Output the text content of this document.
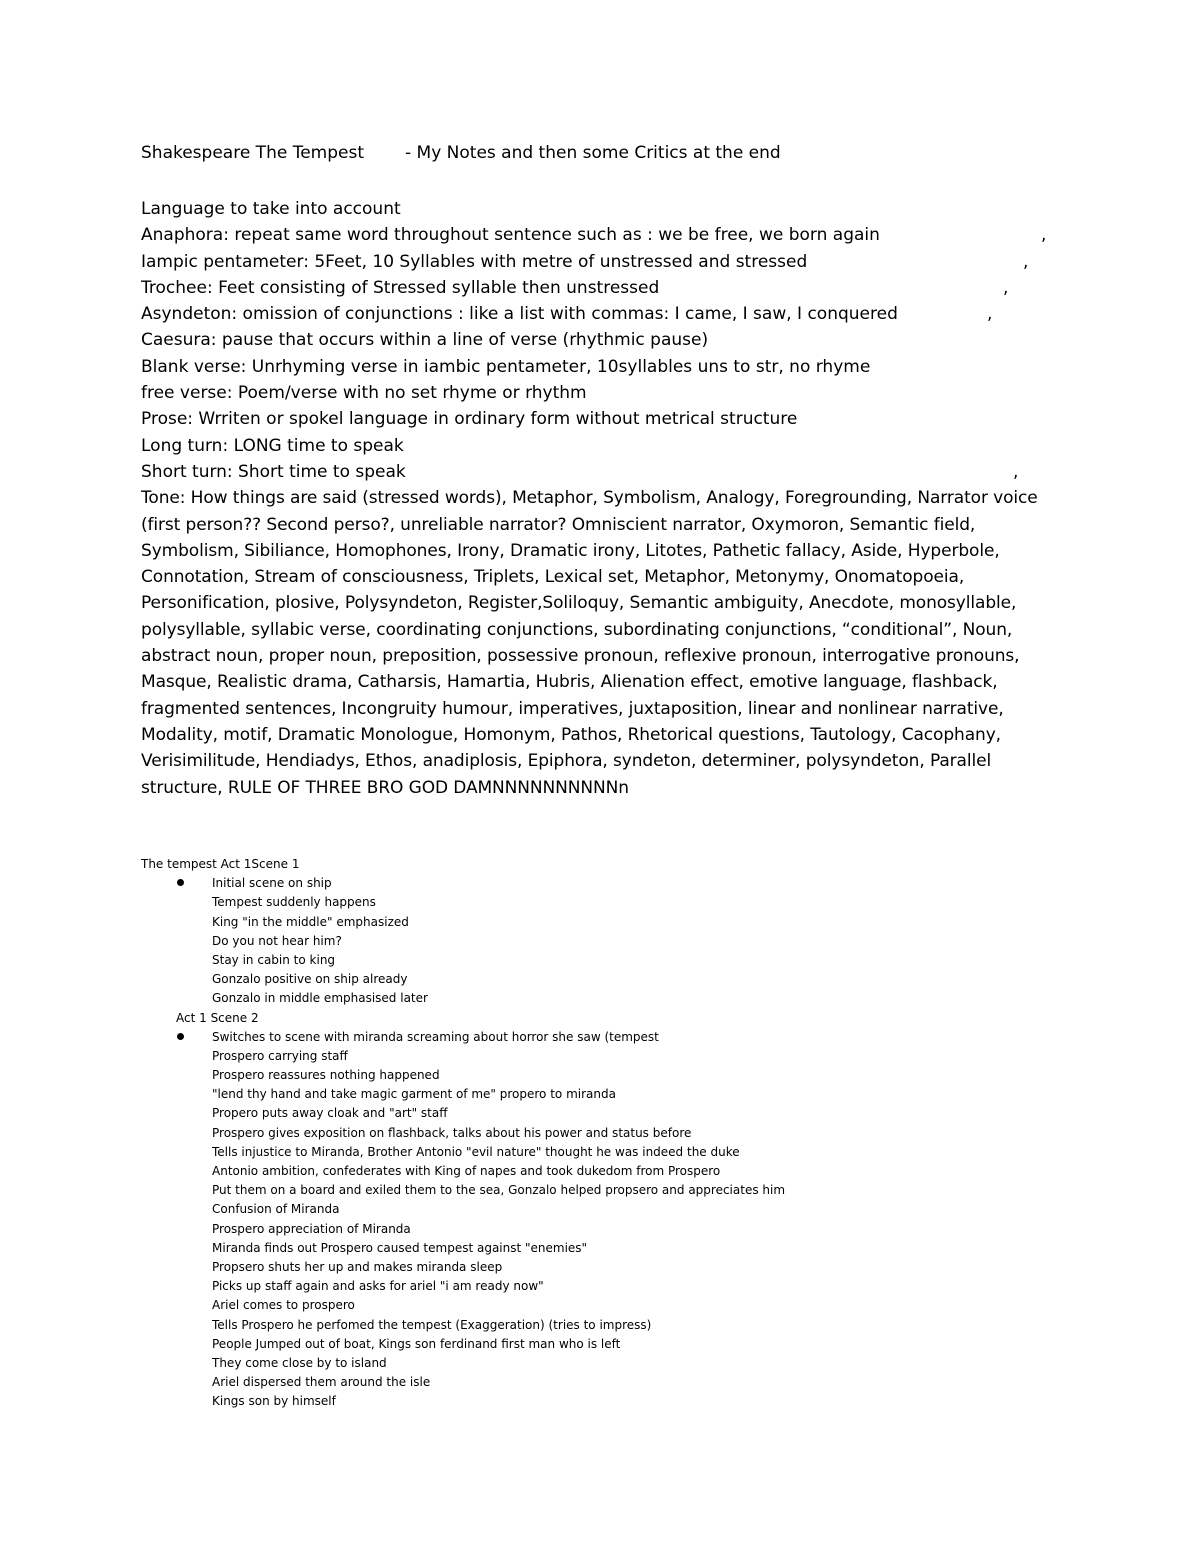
Shakespeare The Tempest - My Notes and then some Critics at the end
Language to take into account
Anaphora: repeat same word throughout sentence such as : we be free, we born again	,
Iampic pentameter: 5Feet, 10 Syllables with metre of unstressed and stressed	,
Trochee: Feet consisting of Stressed syllable then unstressed	,
Asyndeton: omission of conjunctions : like a list with commas: I came, I saw, I conquered	,
Caesura: pause that occurs within a line of verse (rhythmic pause)
Blank verse: Unrhyming verse in iambic pentameter, 10syllables uns to str, no rhyme
free verse: Poem/verse with no set rhyme or rhythm
Prose: Wrriten or spokel language in ordinary form without metrical structure
Long turn: LONG time to speak
Short turn: Short time to speak	,
Tone: How things are said (stressed words), Metaphor, Symbolism, Analogy, Foregrounding, Narrator voice (first person?? Second perso?, unreliable narrator? Omniscient narrator, Oxymoron, Semantic field, Symbolism, Sibiliance, Homophones, Irony, Dramatic irony, Litotes, Pathetic fallacy, Aside, Hyperbole, Connotation, Stream of consciousness, Triplets, Lexical set, Metaphor, Metonymy, Onomatopoeia, Personification, plosive, Polysyndeton, Register,Soliloquy, Semantic ambiguity, Anecdote, monosyllable, polysyllable, syllabic verse, coordinating conjunctions, subordinating conjunctions, “conditional”, Noun, abstract noun, proper noun, preposition, possessive pronoun, reflexive pronoun, interrogative pronouns, Masque, Realistic drama, Catharsis, Hamartia, Hubris, Alienation effect, emotive language, flashback, fragmented sentences, Incongruity humour, imperatives, juxtaposition, linear and nonlinear narrative, Modality, motif, Dramatic Monologue, Homonym, Pathos, Rhetorical questions, Tautology, Cacophany, Verisimilitude, Hendiadys, Ethos, anadiplosis, Epiphora, syndeton, determiner, polysyndeton, Parallel structure, RULE OF THREE BRO GOD DAMNNNNNNNNNNn
The tempest Act 1Scene 1
Initial scene on ship
Tempest suddenly happens
King "in the middle" emphasized
Do you not hear him?
Stay in cabin to king
Gonzalo positive on ship already
Gonzalo in middle emphasised later
Act 1 Scene 2
Switches to scene with miranda screaming about horror she saw (tempest
Prospero carrying staff
Prospero reassures nothing happened
"lend thy hand and take magic garment of me" propero to miranda
Propero puts away cloak and "art" staff
Prospero gives exposition on flashback, talks about his power and status before
Tells injustice to Miranda, Brother Antonio "evil nature" thought he was indeed the duke
Antonio ambition, confederates with King of napes and took dukedom from Prospero
Put them on a board and exiled them to the sea, Gonzalo helped propsero and appreciates him
Confusion of Miranda
Prospero appreciation of Miranda
Miranda finds out Prospero caused tempest against "enemies"
Propsero shuts her up and makes miranda sleep
Picks up staff again and asks for ariel "i am ready now"
Ariel comes to prospero
Tells Prospero he perfomed the tempest (Exaggeration) (tries to impress)
People Jumped out of boat, Kings son ferdinand first man who is left
They come close by to island
Ariel dispersed them around the isle
Kings son by himself
